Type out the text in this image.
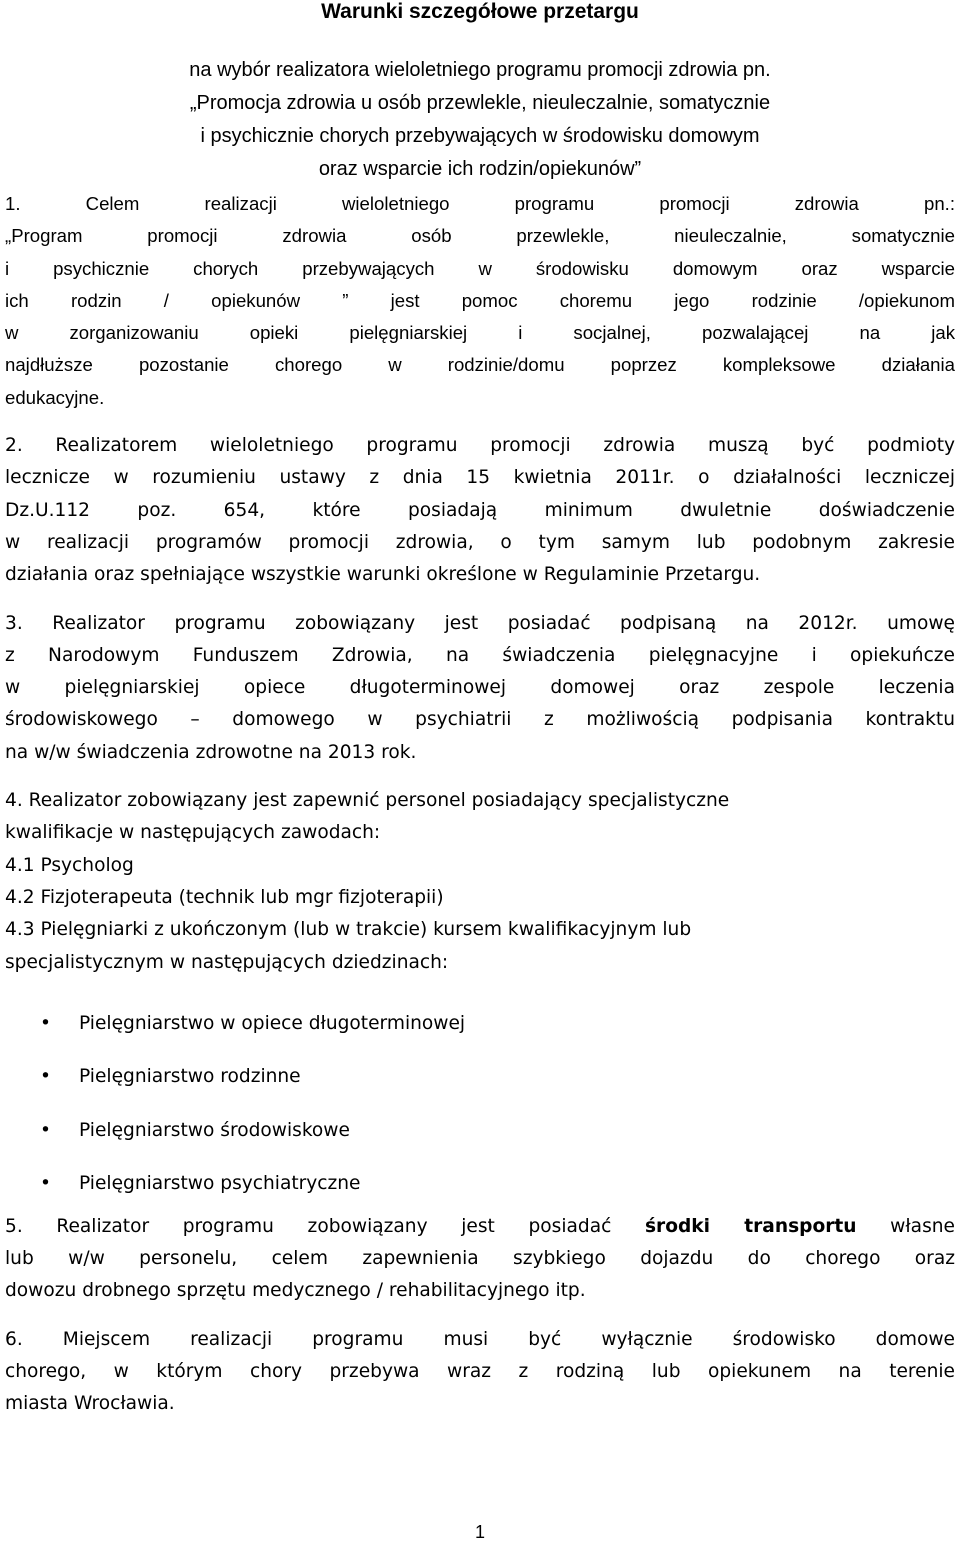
Warunki szczegółowe przetargu
na wybór realizatora wieloletniego programu promocji zdrowia pn.
„Promocja zdrowia u osób przewlekle, nieuleczalnie, somatycznie
i psychicznie chorych przebywających w środowisku domowym
oraz wsparcie ich rodzin/opiekunów”
1. Celem realizacji wieloletniego programu promocji zdrowia pn.:
„Program promocji zdrowia osób przewlekle, nieuleczalnie, somatycznie
i psychicznie chorych przebywających w środowisku domowym oraz wsparcie
ich rodzin / opiekunów ” jest pomoc choremu jego rodzinie /opiekunom
w zorganizowaniu opieki pielęgniarskiej i socjalnej, pozwalającej na jak
najdłuższe pozostanie chorego w rodzinie/domu poprzez kompleksowe działania
edukacyjne.
2. Realizatorem wieloletniego programu promocji zdrowia muszą być podmioty
lecznicze w rozumieniu ustawy z dnia 15 kwietnia 2011r. o działalności leczniczej
Dz.U.112 poz. 654, które posiadają minimum dwuletnie doświadczenie
w realizacji programów promocji zdrowia, o tym samym lub podobnym zakresie
działania oraz spełniające wszystkie warunki określone w Regulaminie Przetargu.
3. Realizator programu zobowiązany jest posiadać podpisaną na 2012r. umowę
z Narodowym Funduszem Zdrowia, na świadczenia pielęgnacyjne i opiekuńcze
w pielęgniarskiej opiece długoterminowej domowej oraz zespole leczenia
środowiskowego – domowego w psychiatrii z możliwością podpisania kontraktu
na w/w świadczenia zdrowotne na 2013 rok.
4. Realizator zobowiązany jest zapewnić personel posiadający specjalistyczne
kwalifikacje w następujących zawodach:
4.1 Psycholog
4.2 Fizjoterapeuta (technik lub mgr fizjoterapii)
4.3 Pielęgniarki z ukończonym (lub w trakcie) kursem kwalifikacyjnym lub
specjalistycznym w następujących dziedzinach:
• Pielęgniarstwo w opiece długoterminowej
• Pielęgniarstwo rodzinne
• Pielęgniarstwo środowiskowe
• Pielęgniarstwo psychiatryczne
5. Realizator programu zobowiązany jest posiadać środki transportu własne
lub w/w personelu, celem zapewnienia szybkiego dojazdu do chorego oraz
dowozu drobnego sprzętu medycznego / rehabilitacyjnego itp.
6. Miejscem realizacji programu musi być wyłącznie środowisko domowe
chorego, w którym chory przebywa wraz z rodziną lub opiekunem na terenie
miasta Wrocławia.
1
